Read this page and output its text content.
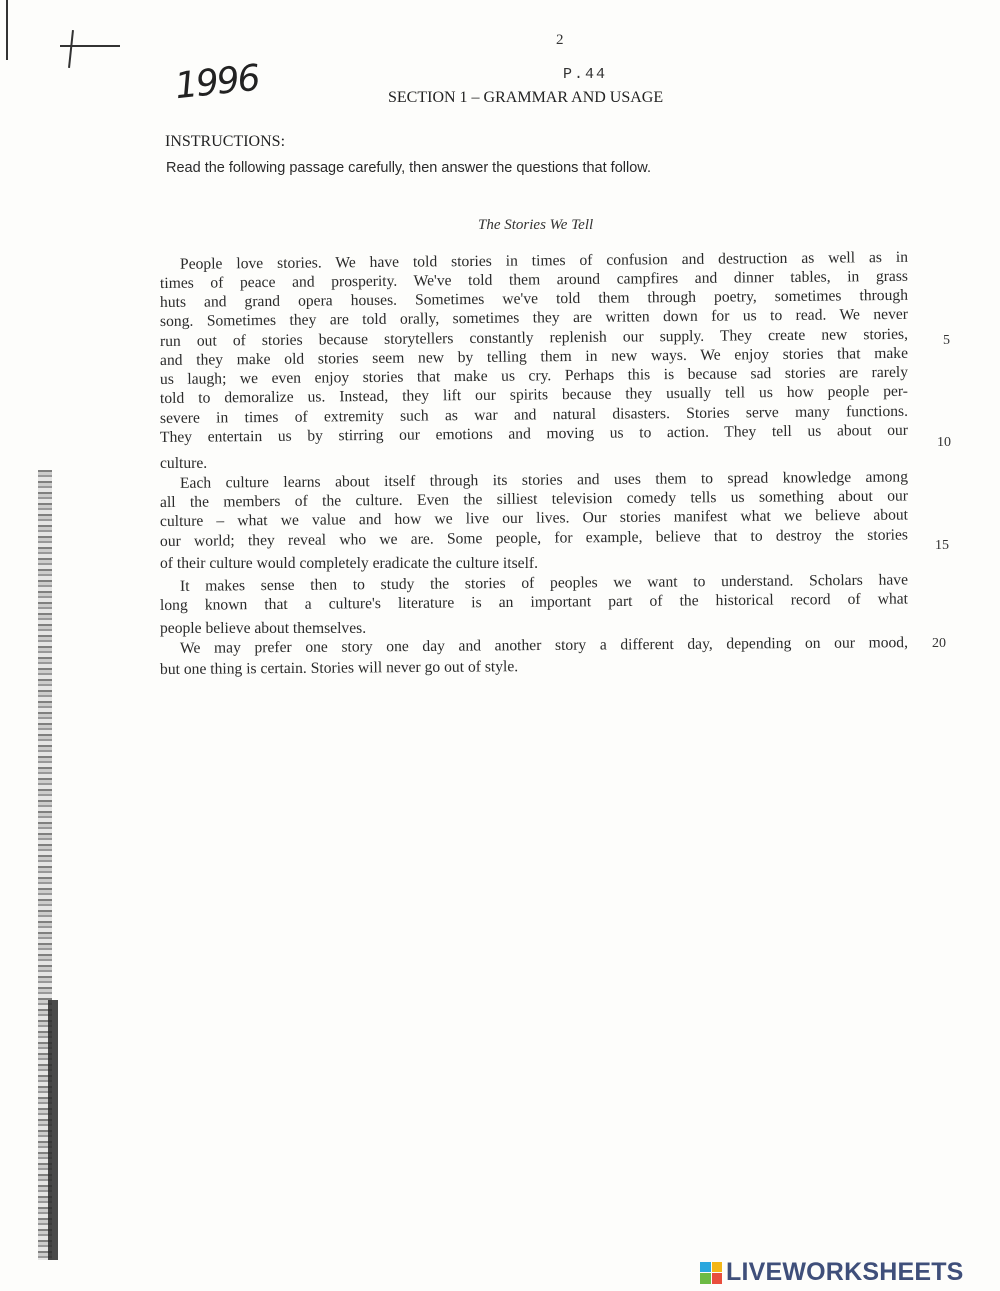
1996
2
P.44
SECTION 1 – GRAMMAR AND USAGE
INSTRUCTIONS:
Read the following passage carefully, then answer the questions that follow.
The Stories We Tell
People love stories. We have told stories in times of confusion and destruction as well as in
times of peace and prosperity. We've told them around campfires and dinner tables, in grass
huts and grand opera houses. Sometimes we've told them through poetry, sometimes through
song. Sometimes they are told orally, sometimes they are written down for us to read. We never
run out of stories because storytellers constantly replenish our supply. They create new stories,
and they make old stories seem new by telling them in new ways. We enjoy stories that make
us laugh; we even enjoy stories that make us cry. Perhaps this is because sad stories are rarely
told to demoralize us. Instead, they lift our spirits because they usually tell us how people per-
severe in times of extremity such as war and natural disasters. Stories serve many functions.
They entertain us by stirring our emotions and moving us to action. They tell us about our
culture.
Each culture learns about itself through its stories and uses them to spread knowledge among
all the members of the culture. Even the silliest television comedy tells us something about our
culture – what we value and how we live our lives. Our stories manifest what we believe about
our world; they reveal who we are. Some people, for example, believe that to destroy the stories
of their culture would completely eradicate the culture itself.
It makes sense then to study the stories of peoples we want to understand. Scholars have
long known that a culture's literature is an important part of the historical record of what
people believe about themselves.
We may prefer one story one day and another story a different day, depending on our mood,
but one thing is certain. Stories will never go out of style.
5
10
15
20
LIVEWORKSHEETS
